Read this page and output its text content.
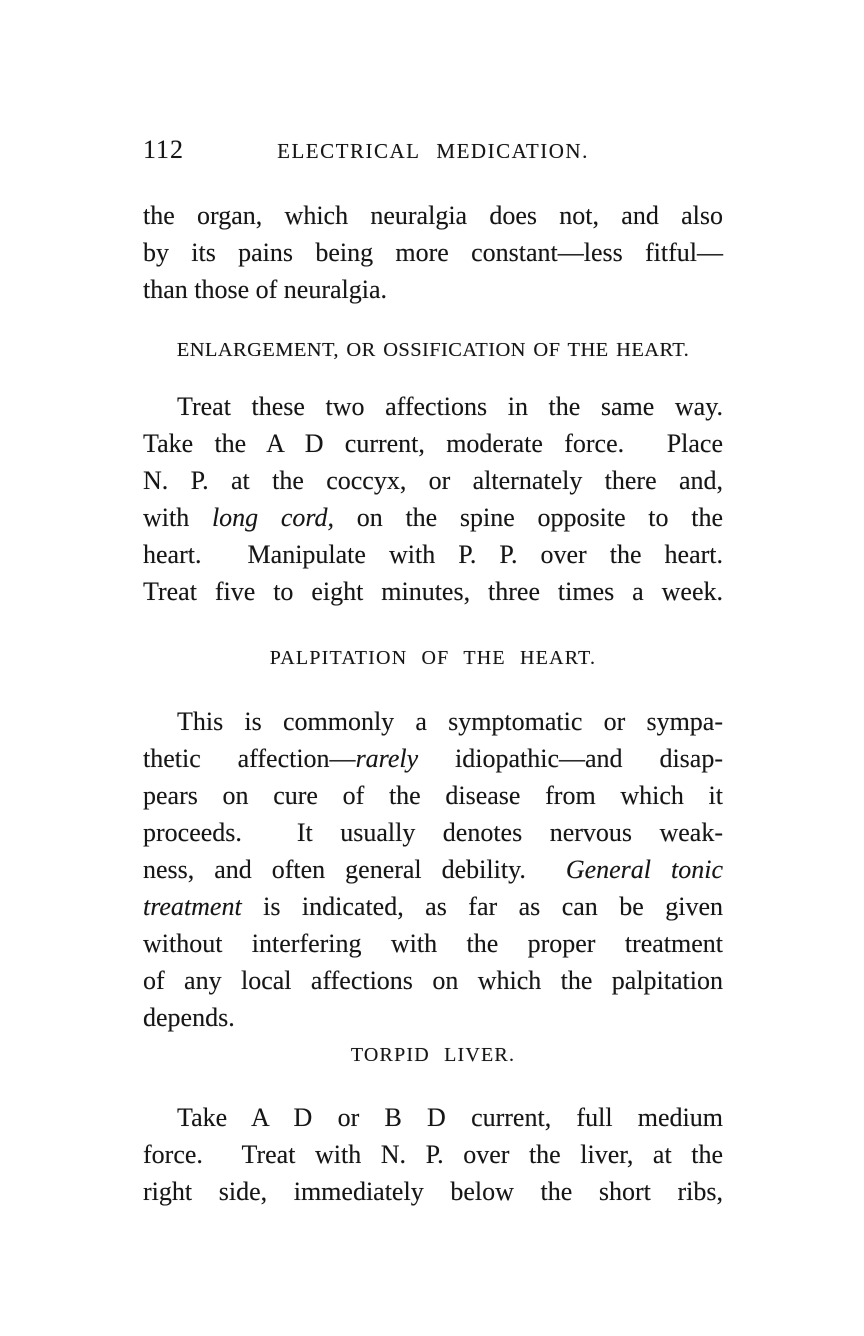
112	ELECTRICAL MEDICATION.
the organ, which neuralgia does not, and also
by its pains being more constant—less fitful—
than those of neuralgia.
ENLARGEMENT, OR OSSIFICATION OF THE HEART.
Treat these two affections in the same way.
Take the A D current, moderate force.  Place
N. P. at the coccyx, or alternately there and,
with long cord, on the spine opposite to the
heart.  Manipulate with P. P. over the heart.
Treat five to eight minutes, three times a week.
PALPITATION OF THE HEART.
This is commonly a symptomatic or sympa-
thetic affection—rarely idiopathic—and disap-
pears on cure of the disease from which it
proceeds.  It usually denotes nervous weak-
ness, and often general debility.  General tonic
treatment is indicated, as far as can be given
without interfering with the proper treatment
of any local affections on which the palpitation
depends.
TORPID LIVER.
Take A D or B D current, full medium
force.  Treat with N. P. over the liver, at the
right side, immediately below the short ribs,
